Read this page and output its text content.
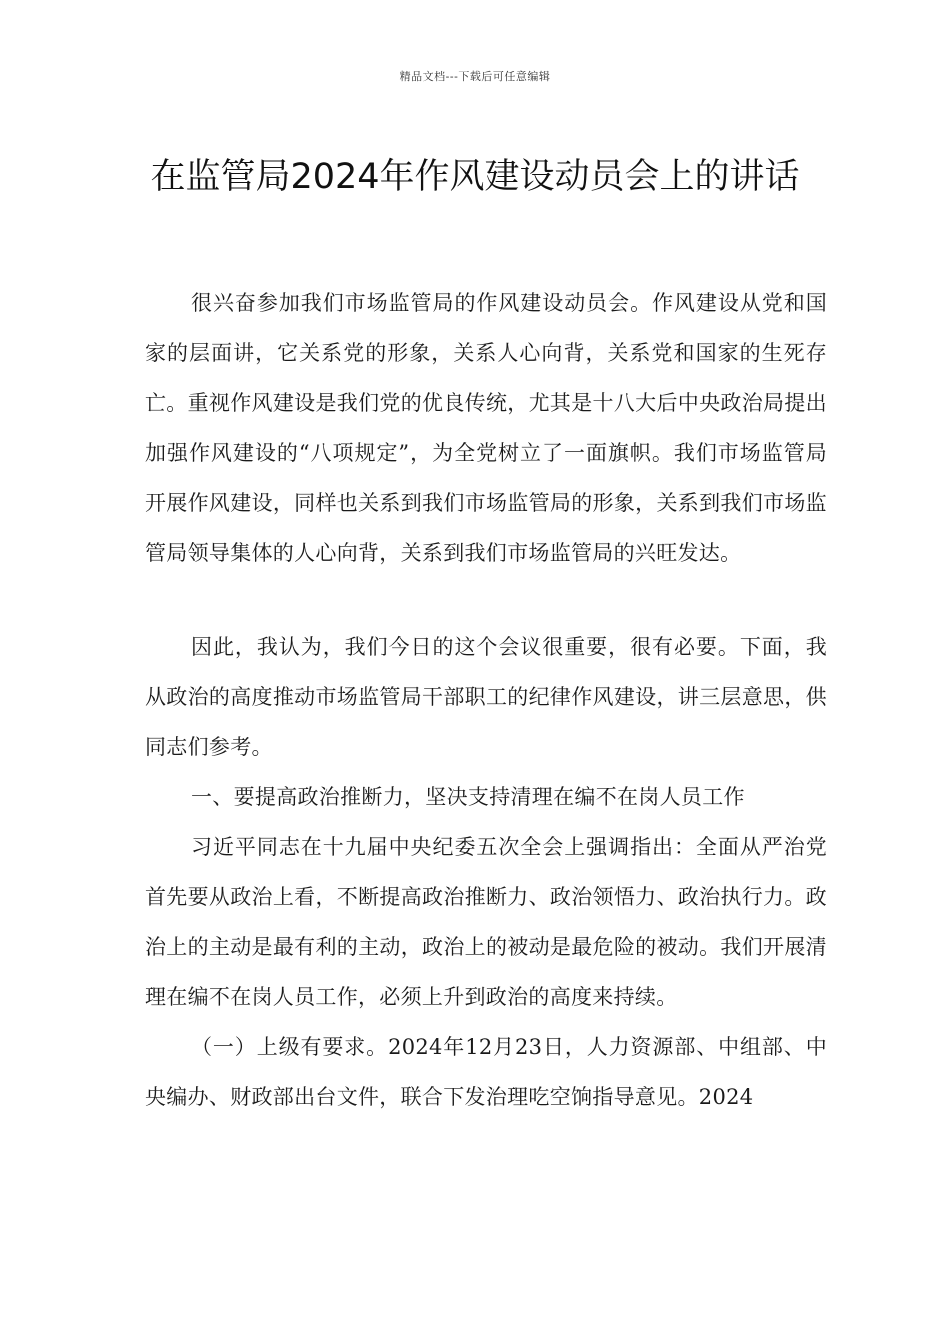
精品文档---下载后可任意编辑
在监管局2024年作风建设动员会上的讲话

很兴奋参加我们市场监管局的作风建设动员会。作风建设从党和国家的层面讲，它关系党的形象，关系人心向背，关系党和国家的生死存亡。重视作风建设是我们党的优良传统，尤其是十八大后中央政治局提出加强作风建设的“八项规定”，为全党树立了一面旗帜。我们市场监管局开展作风建设，同样也关系到我们市场监管局的形象，关系到我们市场监管局领导集体的人心向背，关系到我们市场监管局的兴旺发达。

因此，我认为，我们今日的这个会议很重要，很有必要。下面，我从政治的高度推动市场监管局干部职工的纪律作风建设，讲三层意思，供同志们参考。

一、要提高政治推断力，坚决支持清理在编不在岗人员工作

习近平同志在十九届中央纪委五次全会上强调指出：全面从严治党首先要从政治上看，不断提高政治推断力、政治领悟力、政治执行力。政治上的主动是最有利的主动，政治上的被动是最危险的被动。我们开展清理在编不在岗人员工作，必须上升到政治的高度来持续。

（一）上级有要求。2024年12月23日，人力资源部、中组部、中央编办、财政部出台文件，联合下发治理吃空饷指导意见。2024
